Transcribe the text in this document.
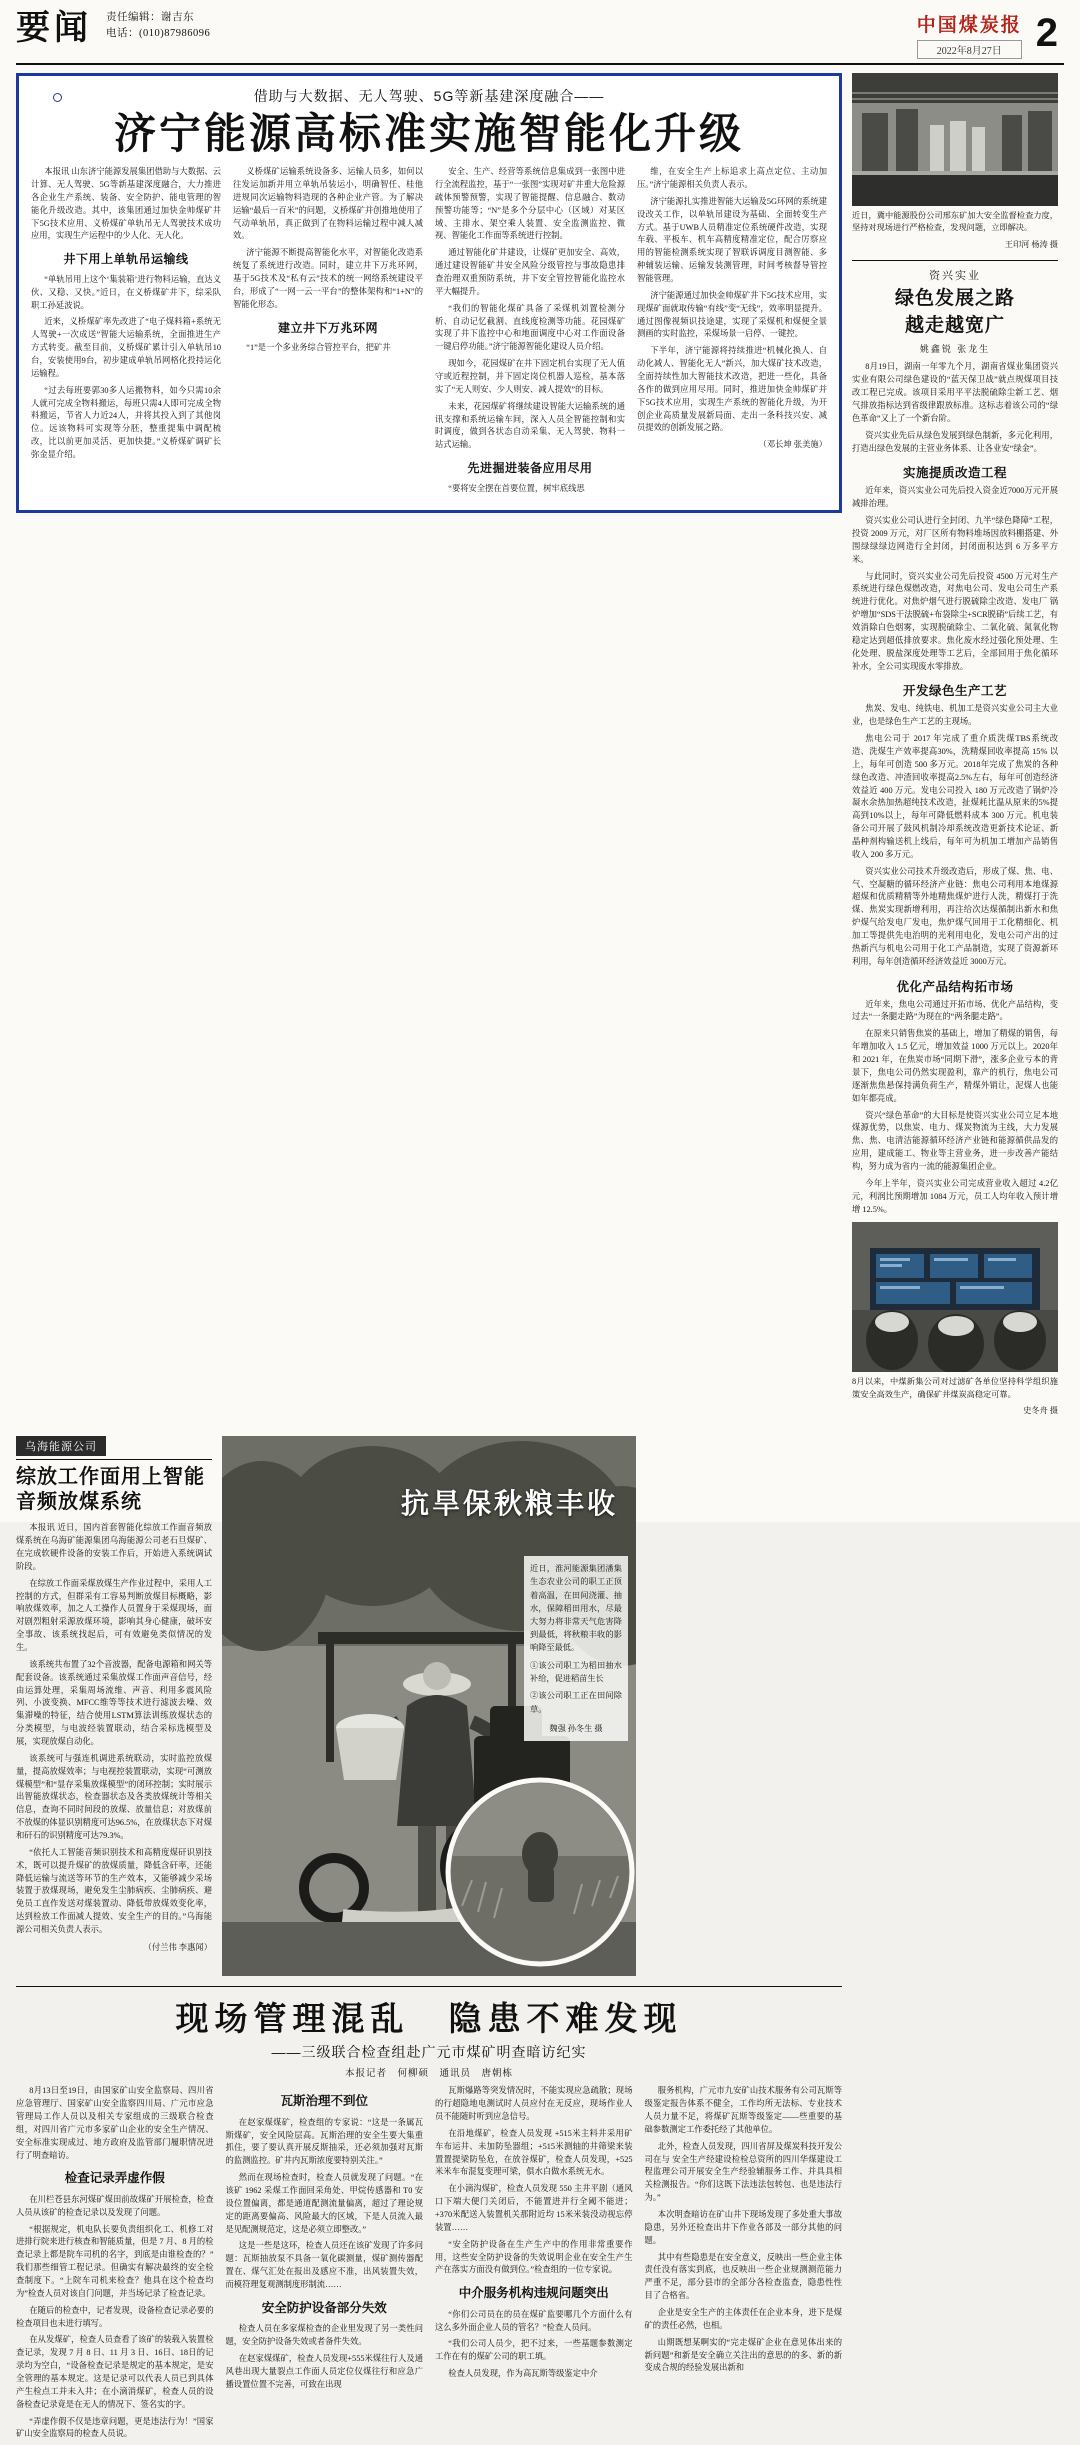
要闻 责任编辑：谢吉东
电话：(010)87986096	中国煤炭报
2022年8月27日 2
借助与大数据、无人驾驶、5G等新基建深度融合——
济宁能源高标准实施智能化升级

本报讯 山东济宁能源发展集团借助与大数据、云计算、无人驾驶、5G等新基建深度融合，大力推进各企业生产系统、装备、安全防护、能电管理的智能化升级改造。其中，该集团通过加快金帅煤矿井下5G技术应用、义桥煤矿单轨吊无人驾驶技术成功应用，实现生产运程中的少人化、无人化。

井下用上单轨吊运输线

“单轨吊用上这个‘集装箱’进行物料运输，直达义伙、又稳、又快。”近日，在义桥煤矿井下，综采队职工孙延波说。

近来，义桥煤矿率先改进了“电子煤料箱+系统无人驾驶+一次成送”智能大运输系统，全面推进生产方式转变。截至目前，义桥煤矿累计引入单轨吊10台，安装使用9台，初步建成单轨吊网格化投持运化运输程。

“过去每班要郭30多人运搬物料，如今只需10余人就可完成全物料搬运，每班只需4人即可完成全物料搬运，节省人力近24人，并将其投入到了其他岗位。远该物料可实现等分胚，整重提集中调配梳改，比以前更加灵活、更加快捷。”义桥煤矿调矿长弥金显介绍。

义桥煤矿运输系统设备多、运输人员多，如何以往发运加新并用立单轨吊装运小，明确智任、桂他进规同次运输物料造现的各种企业产管。为了解决运输“最后一百米”的问题，义桥煤矿并创推地使用了气动单轨吊，真正做到了在物料运输过程中减人减效。

济宁能源不断提高智能化水平，对智能化改造系统复了系统进行改造。同时，建立井下万兆环网，基于5G技术及“私有云”技术的统一网络系统建设平台，形成了“一网一云一平台”的整体架构和“1+N”的智能化形态。

建立井下万兆环网

“1”是一个多业务综合管控平台，把矿井

安全、生产、经营等系统信息集成到一张图中进行全流程监控，基于“一张图”实现对矿井重大危险源疏体预警预警，实现了智能提醒、信息融合、数动预警功能等；“N”是多个分层中心（区域）对某区域、主排水、架空乘人装置、安全监测监控、微视、智能化工作面等系统进行控制。

通过智能化矿井建设，让煤矿更加安全、高效，通过建设智能矿井安全风险分级管控与事故隐患排查治理双重预防系统，井下安全管控智能化监控水平大幅提升。

“我们的智能化煤矿具备了采煤机刘置检测分析、自动记忆截割、直线度检测等功能。花园煤矿实现了井下监控中心和地面调度中心对工作面设备一键启停功能。”济宁能源智能化建设人员介绍。

现如今，花园煤矿在井下固定机台实现了无人值守或近程控制，并下固定岗位机器人巡检，基本落实了“无人则安、少人则安、减人提效”的目标。

未来，花园煤矿将继续建设智能大运输系统的通讯支撑和系统运输车间，深入人员全智能控制和实时调度，做到各状态自动采集、无人驾驶、物料一站式运输。

先进掘进装备应用尽用

“要将安全摆在首要位置，树牢底线思

维，在安全生产上标追求上高点定位、主动加压。”济宁能源相关负责人表示。

济宁能源扎实推进智能大运输及5G环网的系统建设改关工作，以单轨吊建设为基础、全面转变生产方式。基于UWB人员精准定位系统硬件改造，实现车载、平板车、机车高精度精准定位，配合厉察应用的智能检测系统实现了智联诉调度目测智能、多种辅装运输、运输发装测管理，时间考核督导管控智能管理。

济宁能源通过加快金帅煤矿井下5G技术应用，实现煤矿面就取传输“有线”变“无线”，效率明显提升。通过图像视频识技途建，实现了采煤机和煤便全景测画的实时监控，采煤场景一启停、一键控。

下半年，济宁能源将持续推进“机械化换人、自动化减人、智能化无人”新兴，加大煤矿技术改造，全面持续性加大智能技术改造，把进一些化，具备各作的做到应用尽用。同时，推进加快金帅煤矿并下5G技术应用，实现生产系统的智能化升级，为开创企业高质量发展新局面、走出一条科技兴安、减员提效的创新发展之路。

（邓长坤 张美施）
近日，冀中能源股份公司邢东矿加大安全监督检查力度，坚持对现场进行严格检查，发现问题，立即解决。
王印河 杨涛 摄
资兴实业
绿色发展之路
越走越宽广
姚鑫锐 张龙生

8月19日，湖南一年零九个月，湖南省煤业集团资兴实业有限公司绿色建设的“蓝天保卫战”就点规煤项目技改工程已完成。该项目采用平平法脱硫除尘新工艺、烟气排放指标达到省级律跟放标准。这标志着该公司的“绿色革命”又上了一个新台阶。

资兴实业先后从绿色发展到绿色制新，多元化利用，打造出绿色发展的主营业务体系、让各业安“绿金”。

实施提质改造工程

近年来，资兴实业公司先后投入资金近7000万元开展减排治理。

资兴实业公司认进行全封闭、九半“绿色降障”工程，投资 2009 万元，对厂区所有物料堆场因放料棚搭建、外围绿绿绿边网造行全封闭，封闭面积达到 6 万多平方米。

与此同时，资兴实业公司先后投资 4500 万元对生产系统进行绿色煤燃改造，对焦电公司、发电公司生产系统进行优化。对焦炉烟气进行脱硫除尘改造、发电厂 锅炉增加“SDS干法脱硫+布袋除尘+SCR脱硝”后续工艺，有效消除白色烟雾，实现脱硫除尘、二氧化硫、氮氧化物稳定达到超低排放要求。焦化废水经过强化预处理、生化处理、脱盐深度处理等工艺后，全部回用于焦化循环补水，全公司实现废水零排放。

开发绿色生产工艺

焦炭、发电、纯铁电、机加工是资兴实业公司主大业业，也是绿色生产工艺的主现场。

焦电公司于 2017 年完成了重介质洗煤TBS系统改造、洗煤生产效率提高30%，洗精煤回收率提高 15% 以上，每年可创造 500 多万元。2018年完成了焦炭的各种绿色改造、冲渣回收率提高2.5%左右，每年可创造经济效益近 400 万元。发电公司投入 180 万元改造了锅炉冷凝水余热加热超纯技术改造，扯煤耗比温从原来的5%提高到10%以上，每年可降低燃料成本 300 万元。机电装备公司开展了鼓风机制冷却系统改造更新技术论证、新晶种剂构输送机上线后，每年可为机加工增加产品销售收入 200 多万元。

资兴实业公司技术升级改造后，形成了煤、焦、电、气、空凝糖的循环经济产业链：焦电公司利用本地煤源超煤和优质精精等外地精焦煤炉进行人洗，精煤打于洗煤、焦炭实现新增利用，再注给次达煤循制出新水和焦炉煤气给发电厂发电，焦炉煤气回用于工化精细化、机加工等提供先电治明的光利用电化，发电公司产出的过热新汽与机电公司用于化工产品制造，实现了资源新环利用，每年创造循环经济效益近 3000万元。

优化产品结构拓市场

近年来，焦电公司通过开拓市场、优化产品结构，变过去“一条腿走路”为现在的“两条腿走路”。

在原来只销售焦炭的基础上，增加了精煤的销售，每年增加收入 1.5 亿元，增加效益 1000 万元以上。2020年和 2021 年，在焦炭市场“同期下滑”，涨多企业亏本的背景下，焦电公司仍然实现盈利，靠产的机行，焦电公司逐渐焦焦悬保持满负荷生产，精煤外销让，泥煤人也能如年都亮成。

资兴“绿色革命”的大目标是使资兴实业公司立足本地煤源优势，以焦炭、电力、煤炭物流为主线，大力发展焦、焦、电清洁能源循环经济产业链和能源循供品发的应用，建成能工、物业等主营业务，进一步改善产能结构，努力成为省内一流的能源集团企业。

今年上半年，资兴实业公司完成营业收入超过 4.2亿元，利润比预期增加 1084 万元，员工人均年收入预计增增 12.5%。

8月以来，中煤新集公司对过滤矿各单位坚持科学组织施策安全高效生产，确保矿井煤炭高稳定可靠。
史冬舟 摄
乌海能源公司
综放工作面用上智能音频放煤系统

本报讯 近日，国内首套智能化综放工作面音频放煤系统在乌海矿能源集团乌海能源公司老石旦煤矿、在完成软硬件设备的安装工作后，开始进入系统调试阶段。

在综放工作面采煤放煤生产作业过程中，采用人工控制的方式，但群采有工容易判断放煤目标概略，影响放煤效率，加之人工操作人员置身于采煤现场，面对剧烈粗射采源放煤环境，影响其身心健康，破坏安全事故、该系统找起后，可有效避免类似情况的发生。

该系统共布置了32个音波器，配备电源箱和网关等配套设备。该系统通过采集放煤工作面声音信号，经由运算处理，采集周场流维、声音、利用多震风险列、小波变换、MFCC维等等技术进行滤波去噪、效集滞噪的特征，结合使用LSTM算法训练放煤状态的分类模型，与电波经装置联动，结合采标选模型及展，实现放煤自动化。

该系统可与强连机调进系统联动，实时监控放煤量，提高放煤效率；与电视控装置联动，实现“可测放煤模型”和“显存采集放煤模型”的闭环控制；实时展示出智能放煤状态，检查器状态及各类放煤统计等相关信息，查询不同时间段的放煤、放量信息；对放煤前不放煤的体显识别精度可达96.5%，在放煤状态下对煤和矸石的识别精度可达79.3%。

“依托人工智能音频识别技术和高精度煤矸识别技术，既可以提升煤矿的放煤质量，降低含矸率，还能降低运输与流送等环节的生产效本，又能够减少采场装置于放煤现场，避免发生尘肺病疾、尘肺病疾、避免员工直作发送对煤装置动、降低带放煤效变化率，达到检放工作面减人提效、安全生产的目的。”乌海能源公司相关负责人表示。

（付兰伟 李惠闻）
抗旱保秋粮丰收
近日，淮河能源集团潘集生态农业公司的职工正顶着高温，在田间浇灌、抽水，保障稻田用水，尽最大努力将非常天气危害降到最低，将秋粮丰收的影响降至最低。
①该公司职工为稻田抽水补给，促进稻苗生长
②该公司职工正在田间除草。
魏强 孙冬生 摄
现场管理混乱　隐患不难发现
——三级联合检查组赴广元市煤矿明查暗访纪实
本报记者　何柳硕　通讯员　唐朝栋

8月13日至19日，由国家矿山安全监察局、四川省应急管理厅、国家矿山安全监察四川局、广元市应急管理局工作人员以及相关专家组成的三级联合检查组，对四川省广元市多家矿山企业的安全生产情况、安全标准实现成过、地方政府及监管部门履职情况进行了明查暗访。

检查记录弄虚作假

在川栏苍县东河煤矿煤田前故煤矿开展检查，检查人员从该矿的检查记录以及发现了问题。

“根据规定，机电队长要负责组织化工、机修工对进排行院来进行核查和智能质量，但是 7 月、8 月的检查记录上都是院车司机的名字，到底是由谁检查的？”我们那些细管工程记录。但确实有解决最终的安全检查制度下。“上院车司机来检查？他具在这个检查均为”检查人员对该自门问题，并当场记录了检查记录。

在随后的检查中，记者发现，设备检查记录必要的检查项目也未进行填写。

在从发煤矿，检查人员查看了该矿的装载入装置检查记录，发现 7 月 8 日、11 月 3 日、16日、18日的记录均为空白，“设备检查记录是规定的基本规定，是安全管理的基本规定。这是记录可以代表人员已到具体产生检点工并未入井；在小滴消煤矿，检查人员的设备检查记录竟是在无人的情况下、签名实的字。

“弄虚作假不仅是违章问题，更是违法行为！”国家矿山安全监察局的检查人员说。

瓦斯治理不到位

在赵家煤煤矿，检查组的专家说：“这是一条属瓦斯煤矿，安全风险层高。瓦斯治理的安全生要大集重抓住，要了要认真开展反斯抽采，还必须加强对瓦斯的监测监控。矿井内瓦斯浓度要特别关注。”

然而在现场检查时，检查人员就发现了问题。“在该矿 1962 采煤工作面回采角处、甲烷传感器和 T0 安设位置偏离，都是通道配测流量偏离，超过了理论规定的距离要偏高、风险最大的区域，下是人员流入最是见配测规范定，这是必须立即整改。”

这是一些是这环，检查人员还在该矿发现了许多问题：瓦斯抽放泵不具备一氧化碳测量，煤矿测传器配置在、煤气汇处在报出及感应不准，出风装置失效，而模符理复观测制度形制流……

安全防护设备部分失效

检查人员在多家煤检查的企业里发现了另一类性问题，安全防护设备失效或者备件失效。

在赵家煤煤矿，检查人员发现+555米煤往行人及通风巷出现大量裂点工作面人员定位仪煤往行和应急广播设置位置不完善，可致在出现

瓦斯爆路等突发情况时，不能实现应急疏散；现场的行超隐地电测试时人员应付在无反应，现场作业人员不能随时听到应急信号。

在沿地煤矿，检查人员发现 +515米主料井采用矿车布运井、未加防坠器组；+515米测轴的井筛梁来装置置提梁防坠危，在放谷煤矿，检查人员发现，+525米米车布混复变理可梁，俱水白做水系统无水。

在小滴沟煤矿，检查人员发现 550 主井平剧（通风口下端大便门关闭后，不能置进并行全阈不能进；+370米配送入装置机关那附近均 15米米装没动视忘停装置……

“安全防护设备在生产生产中的作用非常重要作用，这些安全防护设备的失效说明企业在安全生产生产在落实方面没有做到位。”检查组的一位专家说。

中介服务机构违规问题突出

“你们公司员在的员在煤矿监要哪几个方面什么有这么多外面企业人员的管名？”检查人员问。

“我们公司人员少，把不过来，一些基题参数测定工作在有的煤矿公司的职工填。

检查人员发现，作为高瓦斯等级鉴定中介

服务机构，广元市九安矿山技术服务有公司瓦斯等级鉴定报告体系不健全，工作均所无法标、专业技术人员力量不足，将煤矿瓦斯等级鉴定——些重要的基础参数测定工作委托经了其他单位。

北外，检查人员发现，四川省屏及煤炭科技开发公司在与 安全生产经建设检检总资所的四川华煤建设工程监理公司开展安全生产经验辅服务工作、并具具相关检测报告。“你们这既下法违法包转包、也是违法行为。”

本次明查暗访在矿山井下现场发现了多处重大事故隐患，另外还检查出井下作业各部及一部分其他的问题。

其中有些隐患是在安全意义，反映出一些企业主体责任没有落实到底，也反映出一些企业规测测范能力严重不足，部分县市的全部分各检查监查，隐患性性目了合格省。

企业是安全生产的主体责任在企业本身，进下是煤矿的责任必然，也相。

山期既想某啊实的“完走煤矿企业在意见体出来的新问题”和新是安全确立关注出的意思的的多、新的新变成合规的经验发展出新和
